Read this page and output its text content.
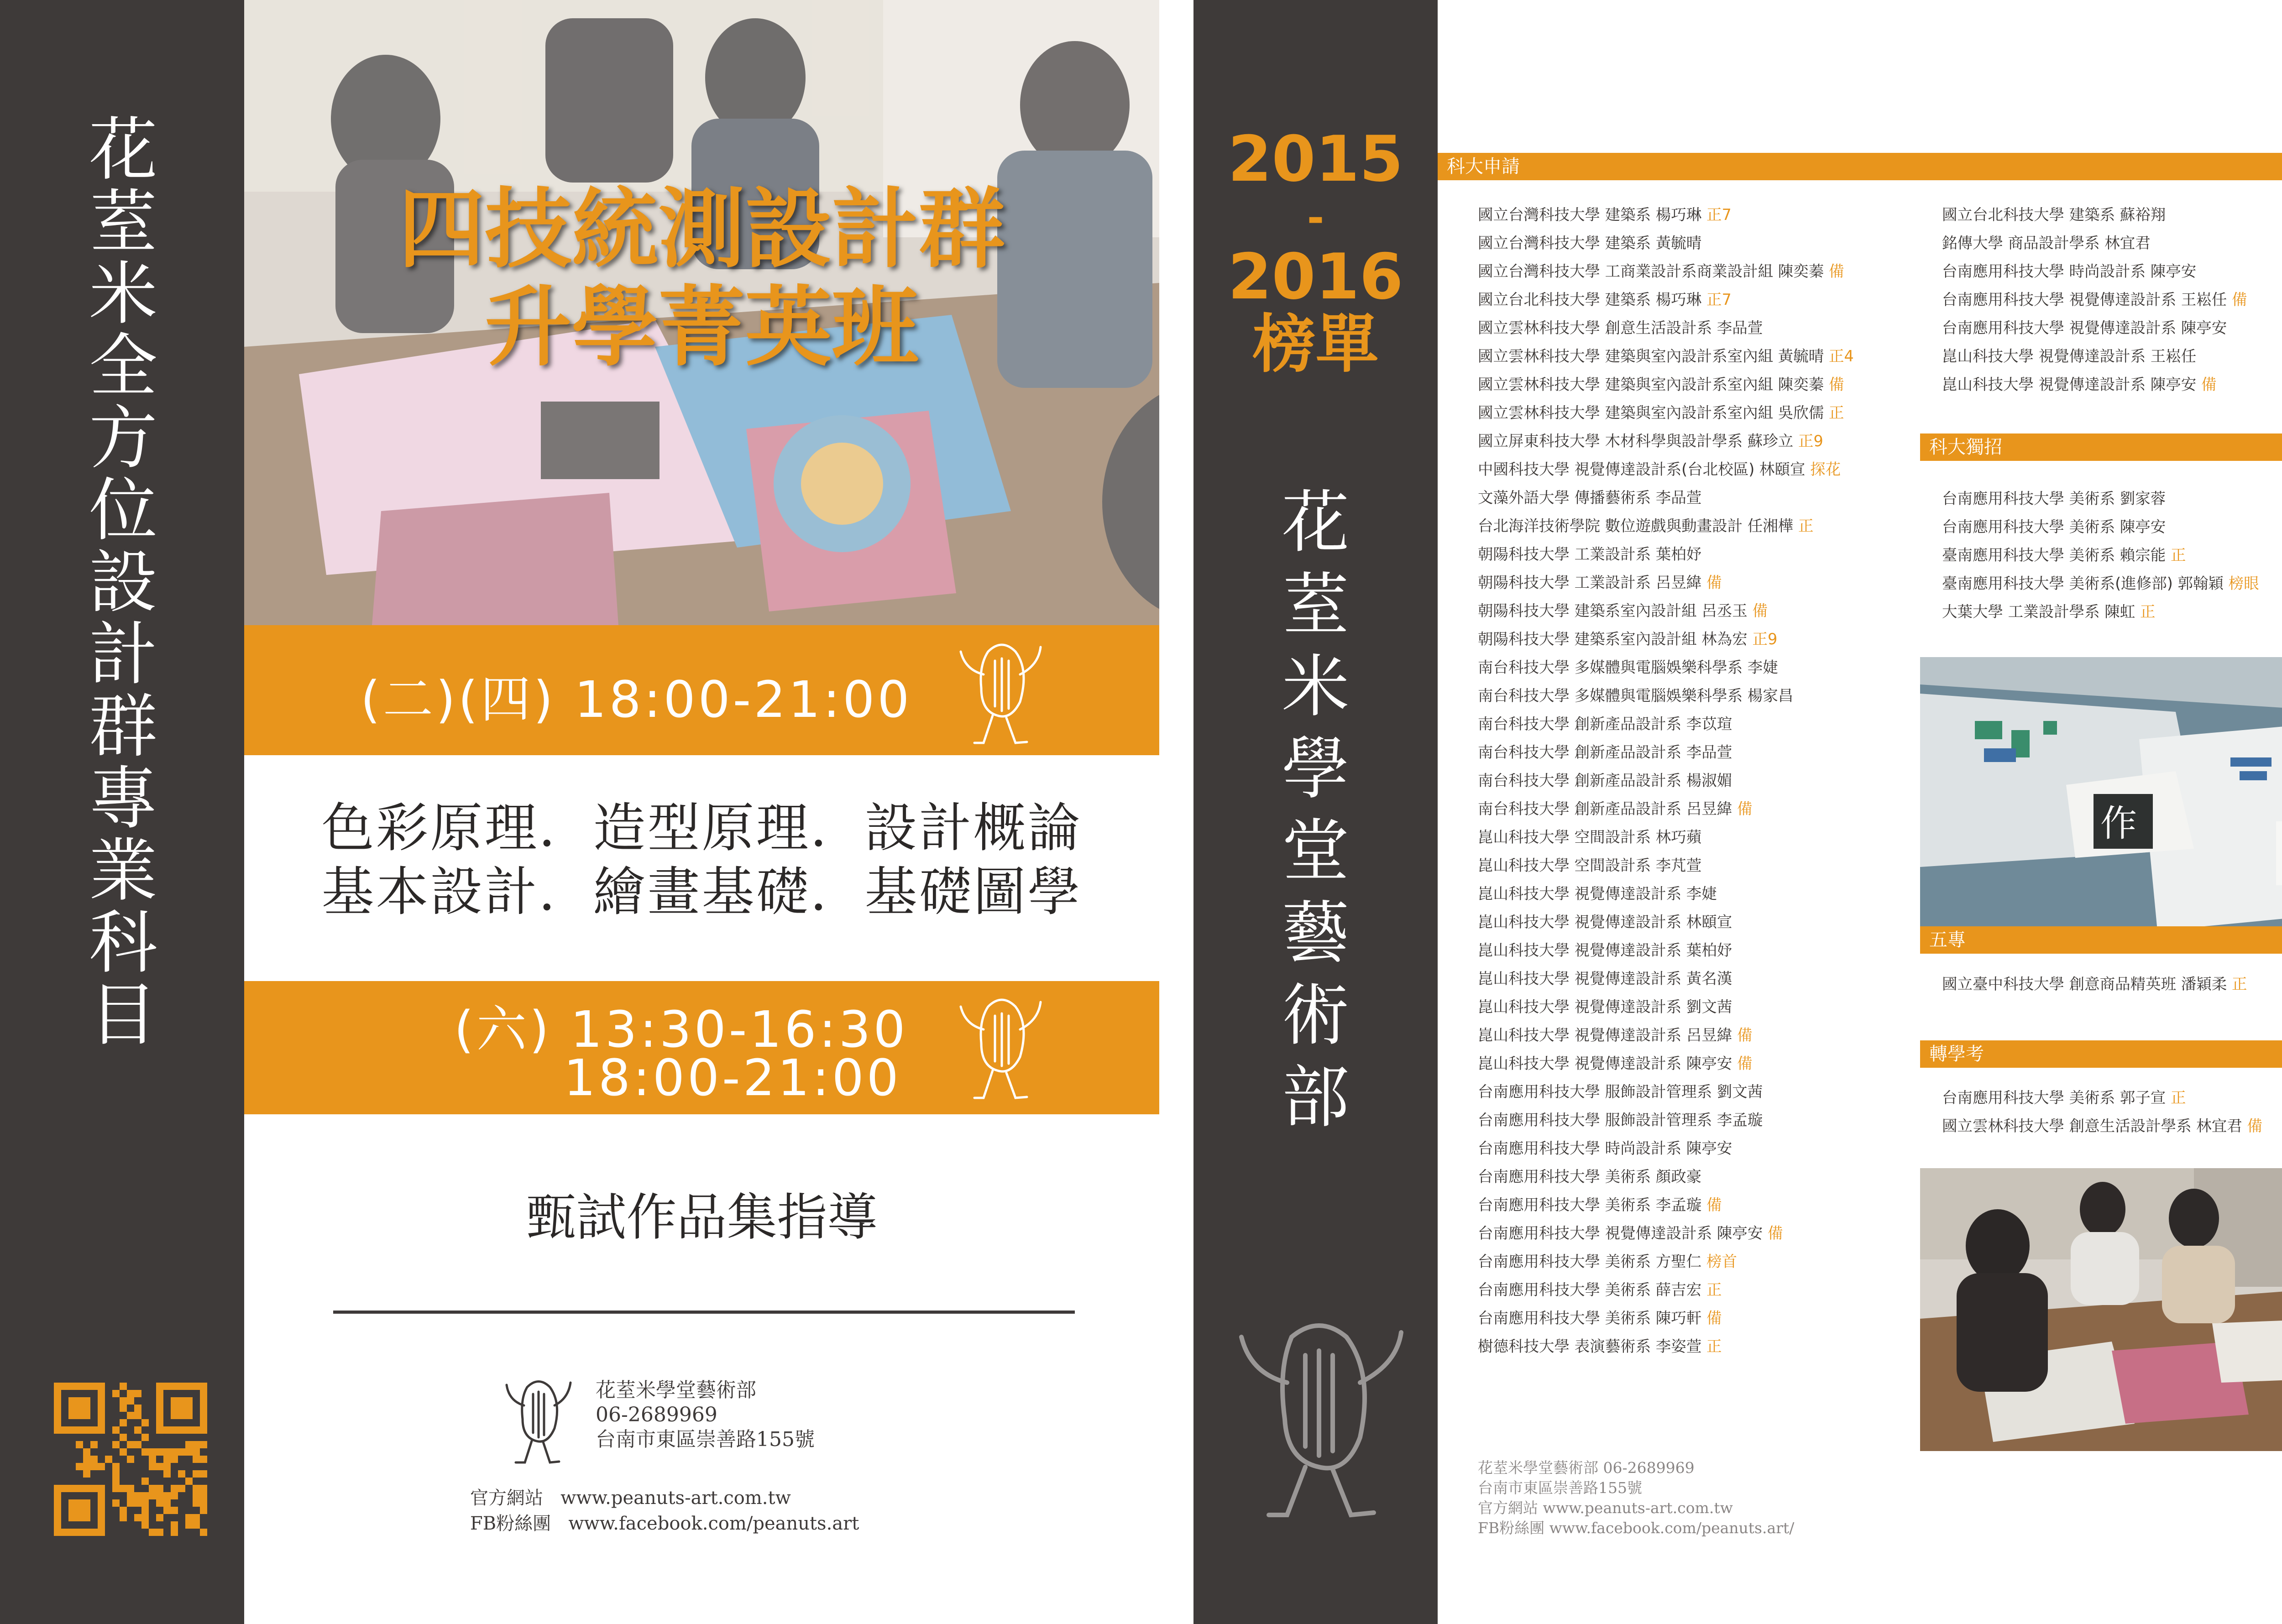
花
荎
米
全
方
位
設
計
群
專
業
科
目
四技統測設計群
升學菁英班
(二)(四) 18:00-21:00
色彩原理．造型原理．設計概論
基本設計．繪畫基礎．基礎圖學
(六) 13:30-16:30
18:00-21:00
甄試作品集指導
花荎米學堂藝術部
06-2689969
台南市東區崇善路155號
官方網站 www.peanuts-art.com.tw
FB粉絲團 www.facebook.com/peanuts.art
2015
-
2016
榜單
花
荎
米
學
堂
藝
術
部
科大申請
國立台灣科技大學 建築系 楊巧琳 正7
國立台灣科技大學 建築系 黃毓晴
國立台灣科技大學 工商業設計系商業設計組 陳奕蓁 備
國立台北科技大學 建築系 楊巧琳 正7
國立雲林科技大學 創意生活設計系 李品萱
國立雲林科技大學 建築與室內設計系室內組 黃毓晴 正4
國立雲林科技大學 建築與室內設計系室內組 陳奕蓁 備
國立雲林科技大學 建築與室內設計系室內組 吳欣儒 正
國立屏東科技大學 木材科學與設計學系 蘇珍立 正9
中國科技大學 視覺傳達設計系(台北校區) 林頤宣 探花
文藻外語大學 傳播藝術系 李品萱
台北海洋技術學院 數位遊戲與動畫設計 任湘樺 正
朝陽科技大學 工業設計系 葉柏妤
朝陽科技大學 工業設計系 呂昱緯 備
朝陽科技大學 建築系室內設計組 呂丞玉 備
朝陽科技大學 建築系室內設計組 林為宏 正9
南台科技大學 多媒體與電腦娛樂科學系 李婕
南台科技大學 多媒體與電腦娛樂科學系 楊家昌
南台科技大學 創新產品設計系 李苡瑄
南台科技大學 創新產品設計系 李品萱
南台科技大學 創新產品設計系 楊淑媚
南台科技大學 創新產品設計系 呂昱緯 備
崑山科技大學 空間設計系 林巧蘋
崑山科技大學 空間設計系 李芃萱
崑山科技大學 視覺傳達設計系 李婕
崑山科技大學 視覺傳達設計系 林頤宣
崑山科技大學 視覺傳達設計系 葉柏妤
崑山科技大學 視覺傳達設計系 黃名漢
崑山科技大學 視覺傳達設計系 劉文茜
崑山科技大學 視覺傳達設計系 呂昱緯 備
崑山科技大學 視覺傳達設計系 陳亭安 備
台南應用科技大學 服飾設計管理系 劉文茜
台南應用科技大學 服飾設計管理系 李孟璇
台南應用科技大學 時尚設計系 陳亭安
台南應用科技大學 美術系 顏政豪
台南應用科技大學 美術系 李孟璇 備
台南應用科技大學 視覺傳達設計系 陳亭安 備
台南應用科技大學 美術系 方聖仁 榜首
台南應用科技大學 美術系 薛吉宏 正
台南應用科技大學 美術系 陳巧軒 備
樹德科技大學 表演藝術系 李姿萱 正
國立台北科技大學 建築系 蘇裕翔
銘傳大學 商品設計學系 林宜君
台南應用科技大學 時尚設計系 陳亭安
台南應用科技大學 視覺傳達設計系 王崧任 備
台南應用科技大學 視覺傳達設計系 陳亭安
崑山科技大學 視覺傳達設計系 王崧任
崑山科技大學 視覺傳達設計系 陳亭安 備
科大獨招
台南應用科技大學 美術系 劉家蓉
台南應用科技大學 美術系 陳亭安
臺南應用科技大學 美術系 賴宗能 正
臺南應用科技大學 美術系(進修部) 郭翰穎 榜眼
大葉大學 工業設計學系 陳虹 正
作
五專
國立臺中科技大學 創意商品精英班 潘穎柔 正
轉學考
台南應用科技大學 美術系 郭子宣 正
國立雲林科技大學 創意生活設計學系 林宜君 備
花荎米學堂藝術部 06-2689969
台南市東區崇善路155號
官方網站 www.peanuts-art.com.tw
FB粉絲團 www.facebook.com/peanuts.art/
